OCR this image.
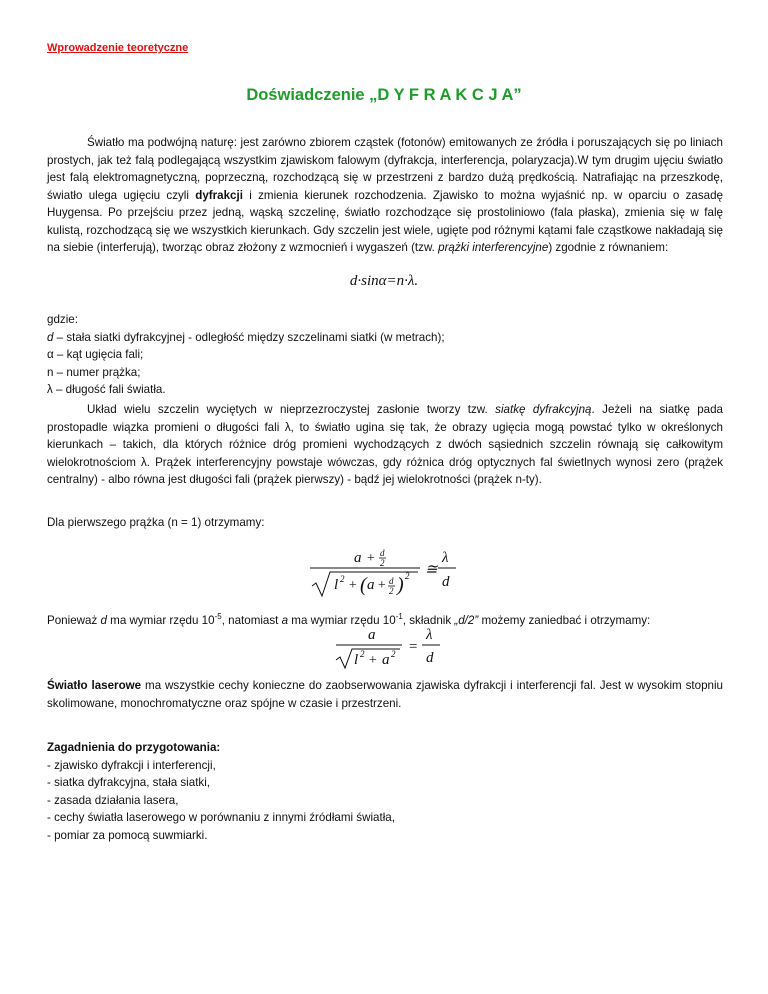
Wprowadzenie teoretyczne
Doświadczenie „D Y F R A K C J A”

Światło ma podwójną naturę: jest zarówno zbiorem cząstek (fotonów) emitowanych ze źródła i poruszających się po liniach prostych, jak też falą podlegającą wszystkim zjawiskom falowym (dyfrakcja, interferencja, polaryzacja).W tym drugim ujęciu światło jest falą elektromagnetyczną, poprzeczną, rozchodzącą się w przestrzeni z bardzo dużą prędkością. Natrafiając na przeszkodę, światło ulega ugięciu czyli dyfrakcji i zmienia kierunek rozchodzenia. Zjawisko to można wyjaśnić np. w oparciu o zasadę Huygensa. Po przejściu przez jedną, wąską szczelinę, światło rozchodzące się prostoliniowo (fala płaska), zmienia się w falę kulistą, rozchodzącą się we wszystkich kierunkach. Gdy szczelin jest wiele, ugięte pod różnymi kątami fale cząstkowe nakładają się na siebie (interferują), tworząc obraz złożony z wzmocnień i wygaszeń (tzw. prążki interferencyjne) zgodnie z równaniem:

d·sinα=n·λ.
gdzie:
d – stała siatki dyfrakcyjnej - odległość między szczelinami siatki (w metrach);
α – kąt ugięcia fali;
n – numer prążka;
λ – długość fali światła.

Układ wielu szczelin wyciętych w nieprzezroczystej zasłonie tworzy tzw. siatkę dyfrakcyjną. Jeżeli na siatkę pada prostopadle wiązka promieni o długości fali λ, to światło ugina się tak, że obrazy ugięcia mogą powstać tylko w określonych kierunkach – takich, dla których różnice dróg promieni wychodzących z dwóch sąsiednich szczelin równają się całkowitym wielokrotnościom λ. Prążek interferencyjny powstaje wówczas, gdy różnica dróg optycznych fal świetlnych wynosi zero (prążek centralny) - albo równa jest długości fali (prążek pierwszy) - bądź jej wielokrotności (prążek n-ty).

Dla pierwszego prążka (n = 1) otrzymamy:
a + d
2
l 2 + ( a + d
2 ) 2 ≅
λ
d
Ponieważ d ma wymiar rzędu $10^{-5}$, natomiast a ma wymiar rzędu $10^{-1}$, składnik „d/2” możemy zaniedbać i otrzymamy:
a
l 2 + a 2 =
λ
d

Światło laserowe ma wszystkie cechy konieczne do zaobserwowania zjawiska dyfrakcji i interferencji fal. Jest w wysokim stopniu skolimowane, monochromatyczne oraz spójne w czasie i przestrzeni.

Zagadnienia do przygotowania:
- zjawisko dyfrakcji i interferencji,
- siatka dyfrakcyjna, stała siatki,
- zasada działania lasera,
- cechy światła laserowego w porównaniu z innymi źródłami światła,
- pomiar za pomocą suwmiarki.
